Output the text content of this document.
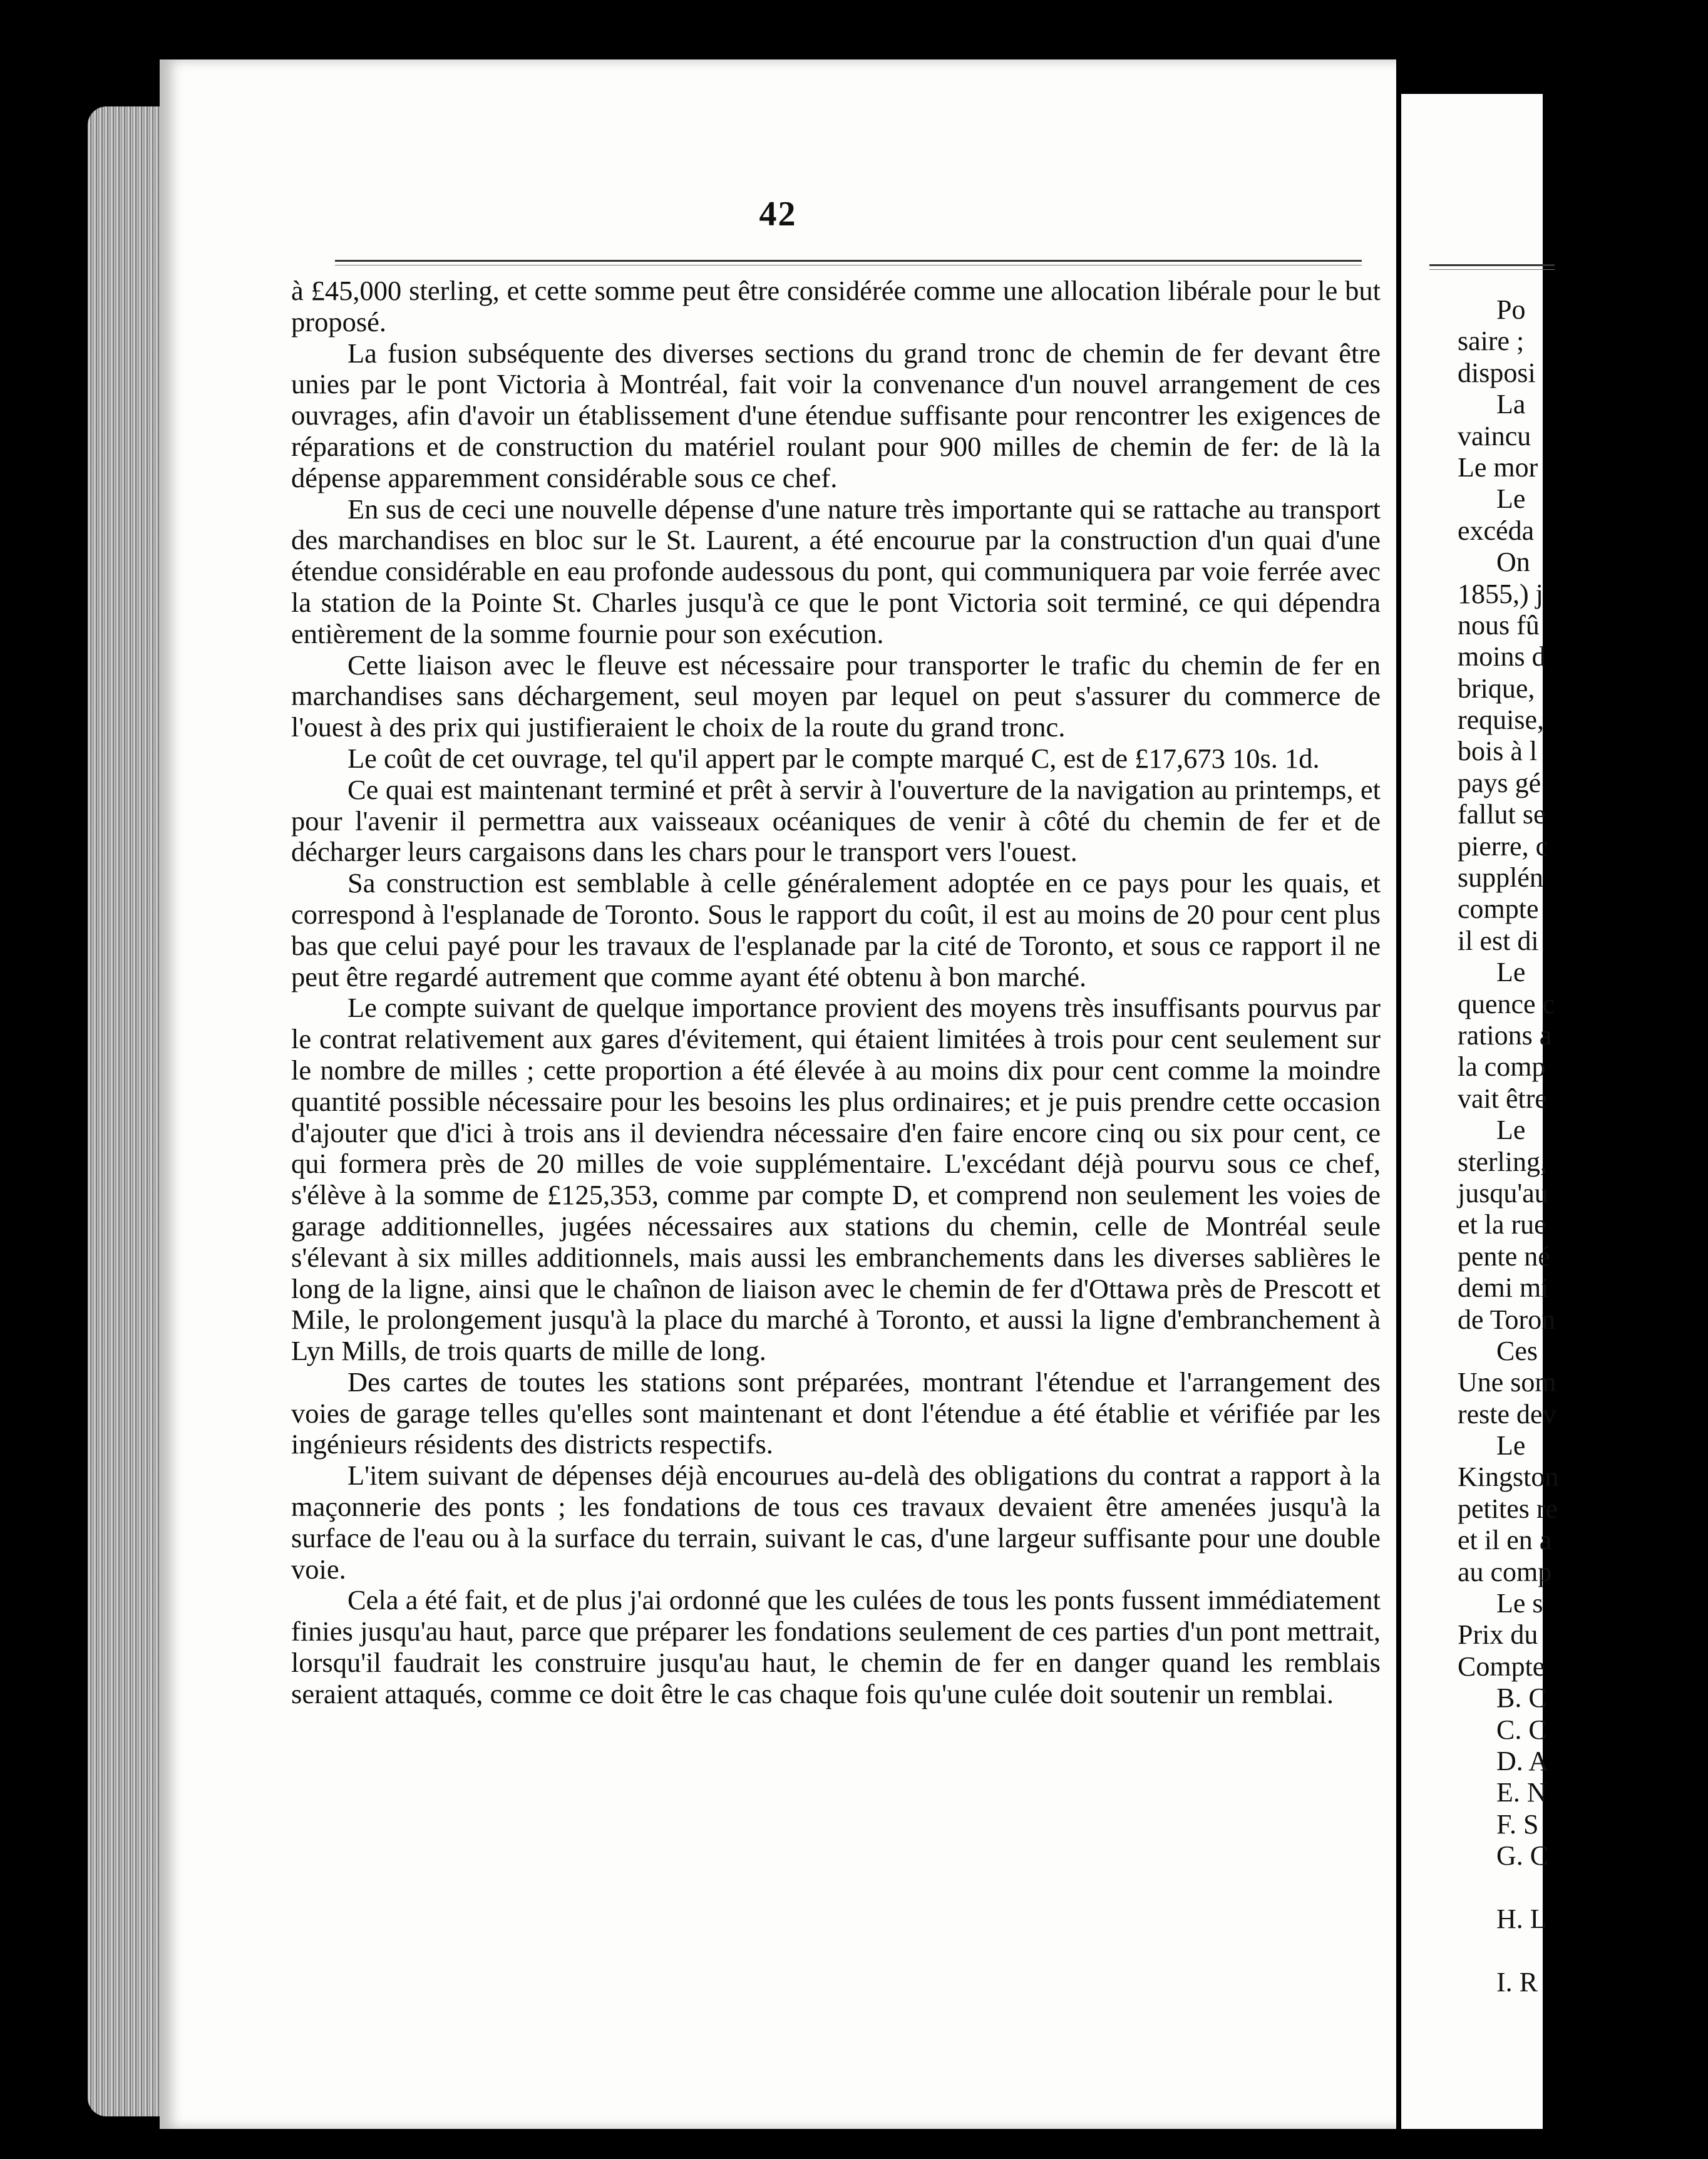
42

à £45,000 sterling, et cette somme peut être considérée comme une allocation libérale pour le but proposé.

La fusion subséquente des diverses sections du grand tronc de chemin de fer devant être unies par le pont Victoria à Montréal, fait voir la convenance d'un nouvel arrangement de ces ouvrages, afin d'avoir un établissement d'une étendue suffisante pour rencontrer les exigences de réparations et de construction du matériel roulant pour 900 milles de chemin de fer: de là la dépense apparemment considérable sous ce chef.

En sus de ceci une nouvelle dépense d'une nature très importante qui se rattache au transport des marchandises en bloc sur le St. Laurent, a été encourue par la construction d'un quai d'une étendue considérable en eau profonde audessous du pont, qui communiquera par voie ferrée avec la station de la Pointe St. Charles jusqu'à ce que le pont Victoria soit terminé, ce qui dépendra entièrement de la somme fournie pour son exécution.

Cette liaison avec le fleuve est nécessaire pour transporter le trafic du chemin de fer en marchandises sans déchargement, seul moyen par lequel on peut s'assurer du commerce de l'ouest à des prix qui justifieraient le choix de la route du grand tronc.

Le coût de cet ouvrage, tel qu'il appert par le compte marqué C, est de £17,673 10s. 1d.

Ce quai est maintenant terminé et prêt à servir à l'ouverture de la navigation au printemps, et pour l'avenir il permettra aux vaisseaux océaniques de venir à côté du chemin de fer et de décharger leurs cargaisons dans les chars pour le transport vers l'ouest.

Sa construction est semblable à celle généralement adoptée en ce pays pour les quais, et correspond à l'esplanade de Toronto. Sous le rapport du coût, il est au moins de 20 pour cent plus bas que celui payé pour les travaux de l'esplanade par la cité de Toronto, et sous ce rapport il ne peut être regardé autrement que comme ayant été obtenu à bon marché.

Le compte suivant de quelque importance provient des moyens très insuffisants pourvus par le contrat relativement aux gares d'évitement, qui étaient limitées à trois pour cent seulement sur le nombre de milles ; cette proportion a été élevée à au moins dix pour cent comme la moindre quantité possible nécessaire pour les besoins les plus ordinaires; et je puis prendre cette occasion d'ajouter que d'ici à trois ans il deviendra nécessaire d'en faire encore cinq ou six pour cent, ce qui formera près de 20 milles de voie supplémentaire. L'excédant déjà pourvu sous ce chef, s'élève à la somme de £125,353, comme par compte D, et comprend non seulement les voies de garage additionnelles, jugées nécessaires aux stations du chemin, celle de Montréal seule s'élevant à six milles additionnels, mais aussi les embranchements dans les diverses sablières le long de la ligne, ainsi que le chaînon de liaison avec le chemin de fer d'Ottawa près de Prescott et Mile, le prolongement jusqu'à la place du marché à Toronto, et aussi la ligne d'embranchement à Lyn Mills, de trois quarts de mille de long.

Des cartes de toutes les stations sont préparées, montrant l'étendue et l'arrangement des voies de garage telles qu'elles sont maintenant et dont l'étendue a été établie et vérifiée par les ingénieurs résidents des districts respectifs.

L'item suivant de dépenses déjà encourues au-delà des obligations du contrat a rapport à la maçonnerie des ponts ; les fondations de tous ces travaux devaient être amenées jusqu'à la surface de l'eau ou à la surface du terrain, suivant le cas, d'une largeur suffisante pour une double voie.

Cela a été fait, et de plus j'ai ordonné que les culées de tous les ponts fussent immédiatement finies jusqu'au haut, parce que préparer les fondations seulement de ces parties d'un pont mettrait, lorsqu'il faudrait les construire jusqu'au haut, le chemin de fer en danger quand les remblais seraient attaqués, comme ce doit être le cas chaque fois qu'une culée doit soutenir un remblai.

Po
saire ;
disposi
La
vaincu
Le mor
Le
excéda
On
1855,) j
nous fû
moins d
brique,
requise,
bois à l
pays gé
fallut se
pierre, c
supplén
compte
il est di
Le
quence c
rations a
la comp
vait être
Le
sterling,
jusqu'au
et la rue
pente né
demi mi
de Toron
Ces
Une som
reste dev
Le
Kingston
petites re
et il en a
au comp
Le s
Prix du
Compte
B. C
C. C
D. A
E. N
F. S
G. C
H. L
I. R
